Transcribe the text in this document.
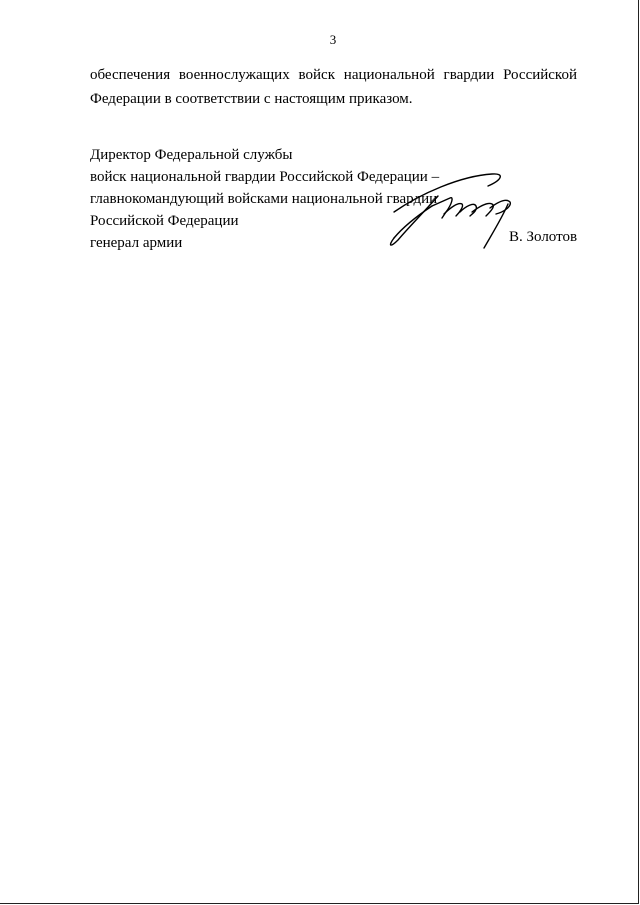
3
обеспечения военнослужащих войск национальной гвардии Российской
Федерации в соответствии с настоящим приказом.
Директор Федеральной службы
войск национальной гвардии Российской Федерации –
главнокомандующий войсками национальной гвардии
Российской Федерации
генерал армии	В. Золотов
